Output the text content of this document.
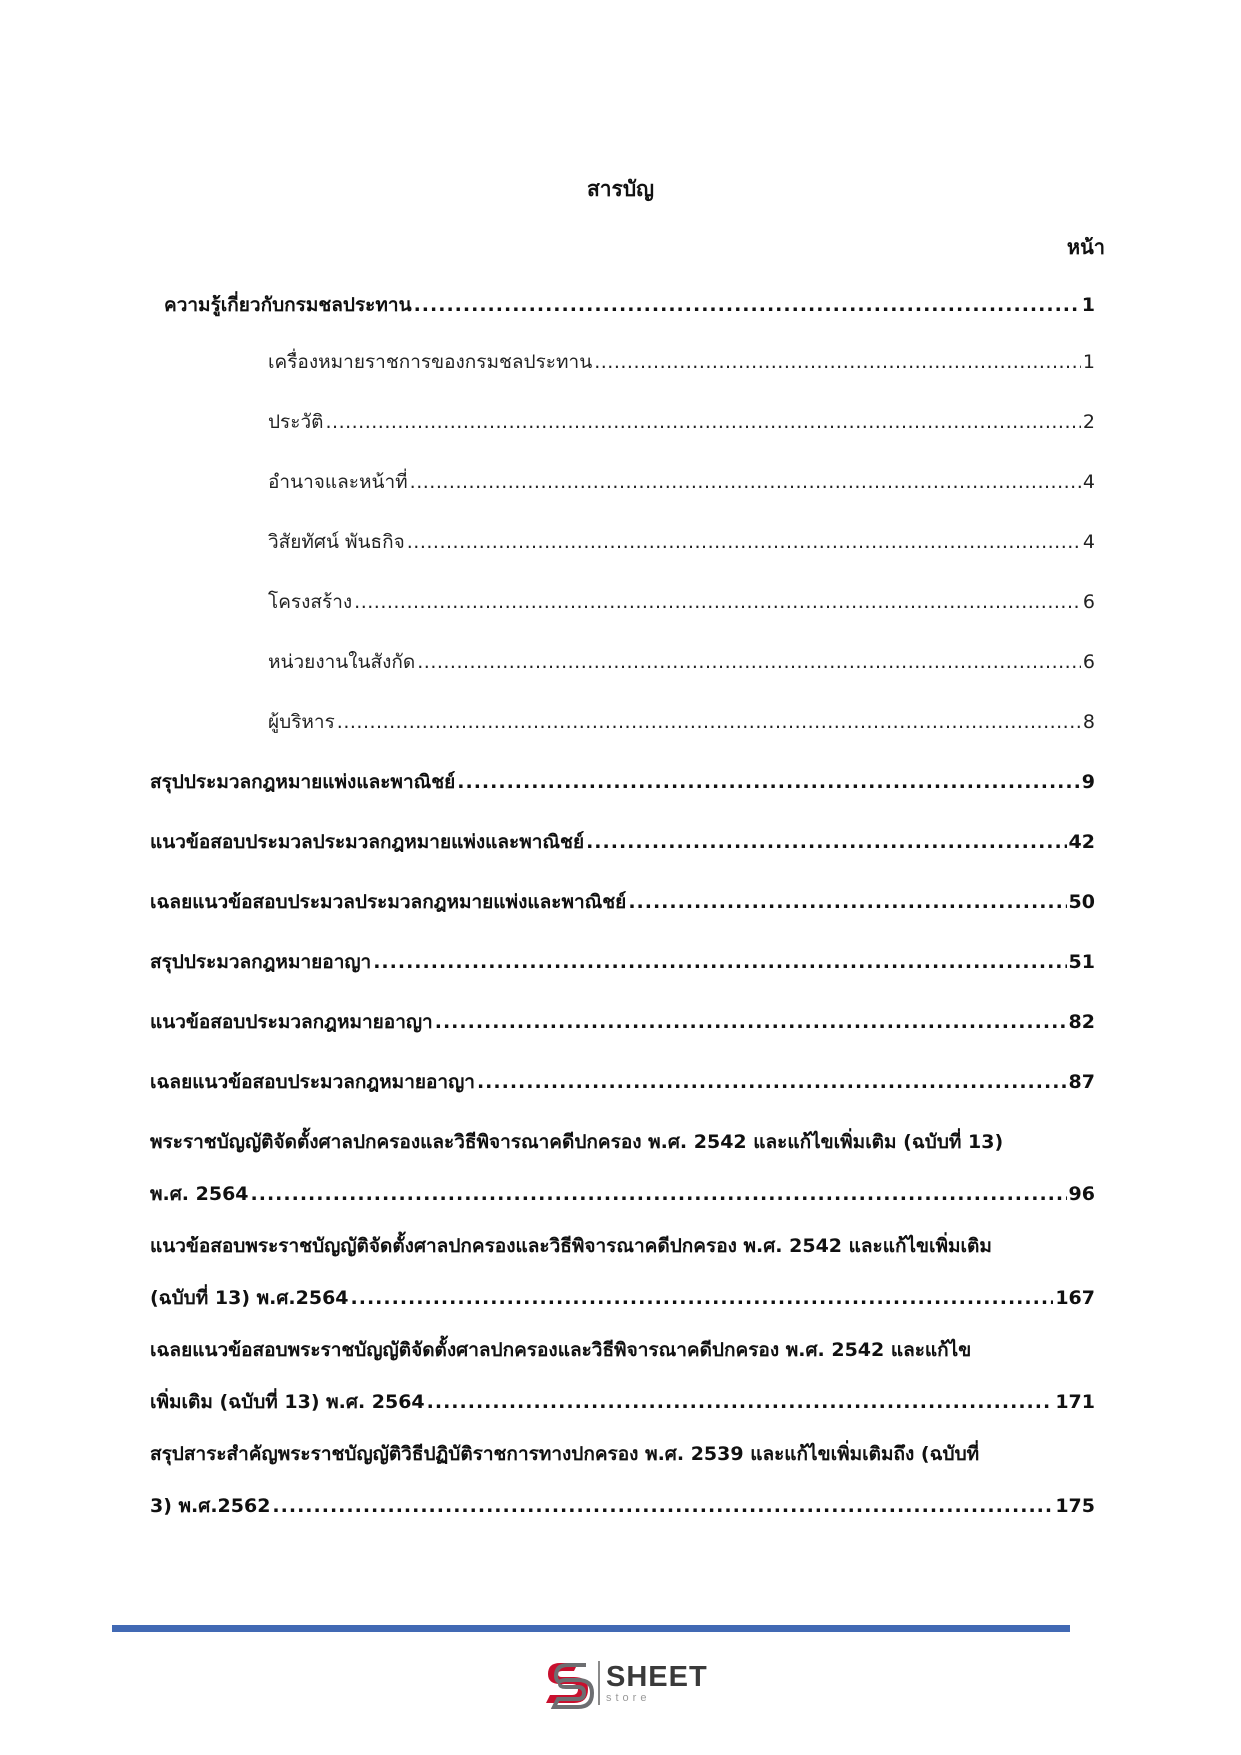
สารบัญ
หน้า
ความรู้เกี่ยวกับกรมชลประทาน .....	1
เครื่องหมายราชการของกรมชลประทาน .....	1
ประวัติ .....	2
อำนาจและหน้าที่ .....	4
วิสัยทัศน์ พันธกิจ .....	4
โครงสร้าง .....	6
หน่วยงานในสังกัด .....	6
ผู้บริหาร .....	8
สรุปประมวลกฎหมายแพ่งและพาณิชย์ .....	9
แนวข้อสอบประมวลประมวลกฎหมายแพ่งและพาณิชย์ .....	42
เฉลยแนวข้อสอบประมวลประมวลกฎหมายแพ่งและพาณิชย์ .....	50
สรุปประมวลกฎหมายอาญา .....	51
แนวข้อสอบประมวลกฎหมายอาญา .....	82
เฉลยแนวข้อสอบประมวลกฎหมายอาญา .....	87
พระราชบัญญัติจัดตั้งศาลปกครองและวิธีพิจารณาคดีปกครอง พ.ศ. 2542 และแก้ไขเพิ่มเติม (ฉบับที่ 13)
พ.ศ. 2564 .....	96
แนวข้อสอบพระราชบัญญัติจัดตั้งศาลปกครองและวิธีพิจารณาคดีปกครอง พ.ศ. 2542 และแก้ไขเพิ่มเติม
(ฉบับที่ 13) พ.ศ.2564 .....	167
เฉลยแนวข้อสอบพระราชบัญญัติจัดตั้งศาลปกครองและวิธีพิจารณาคดีปกครอง พ.ศ. 2542 และแก้ไข
เพิ่มเติม (ฉบับที่ 13) พ.ศ. 2564 .....	171
สรุปสาระสำคัญพระราชบัญญัติวิธีปฏิบัติราชการทางปกครอง พ.ศ. 2539 และแก้ไขเพิ่มเติมถึง (ฉบับที่
3) พ.ศ.2562 .....	175
SHEET
store
